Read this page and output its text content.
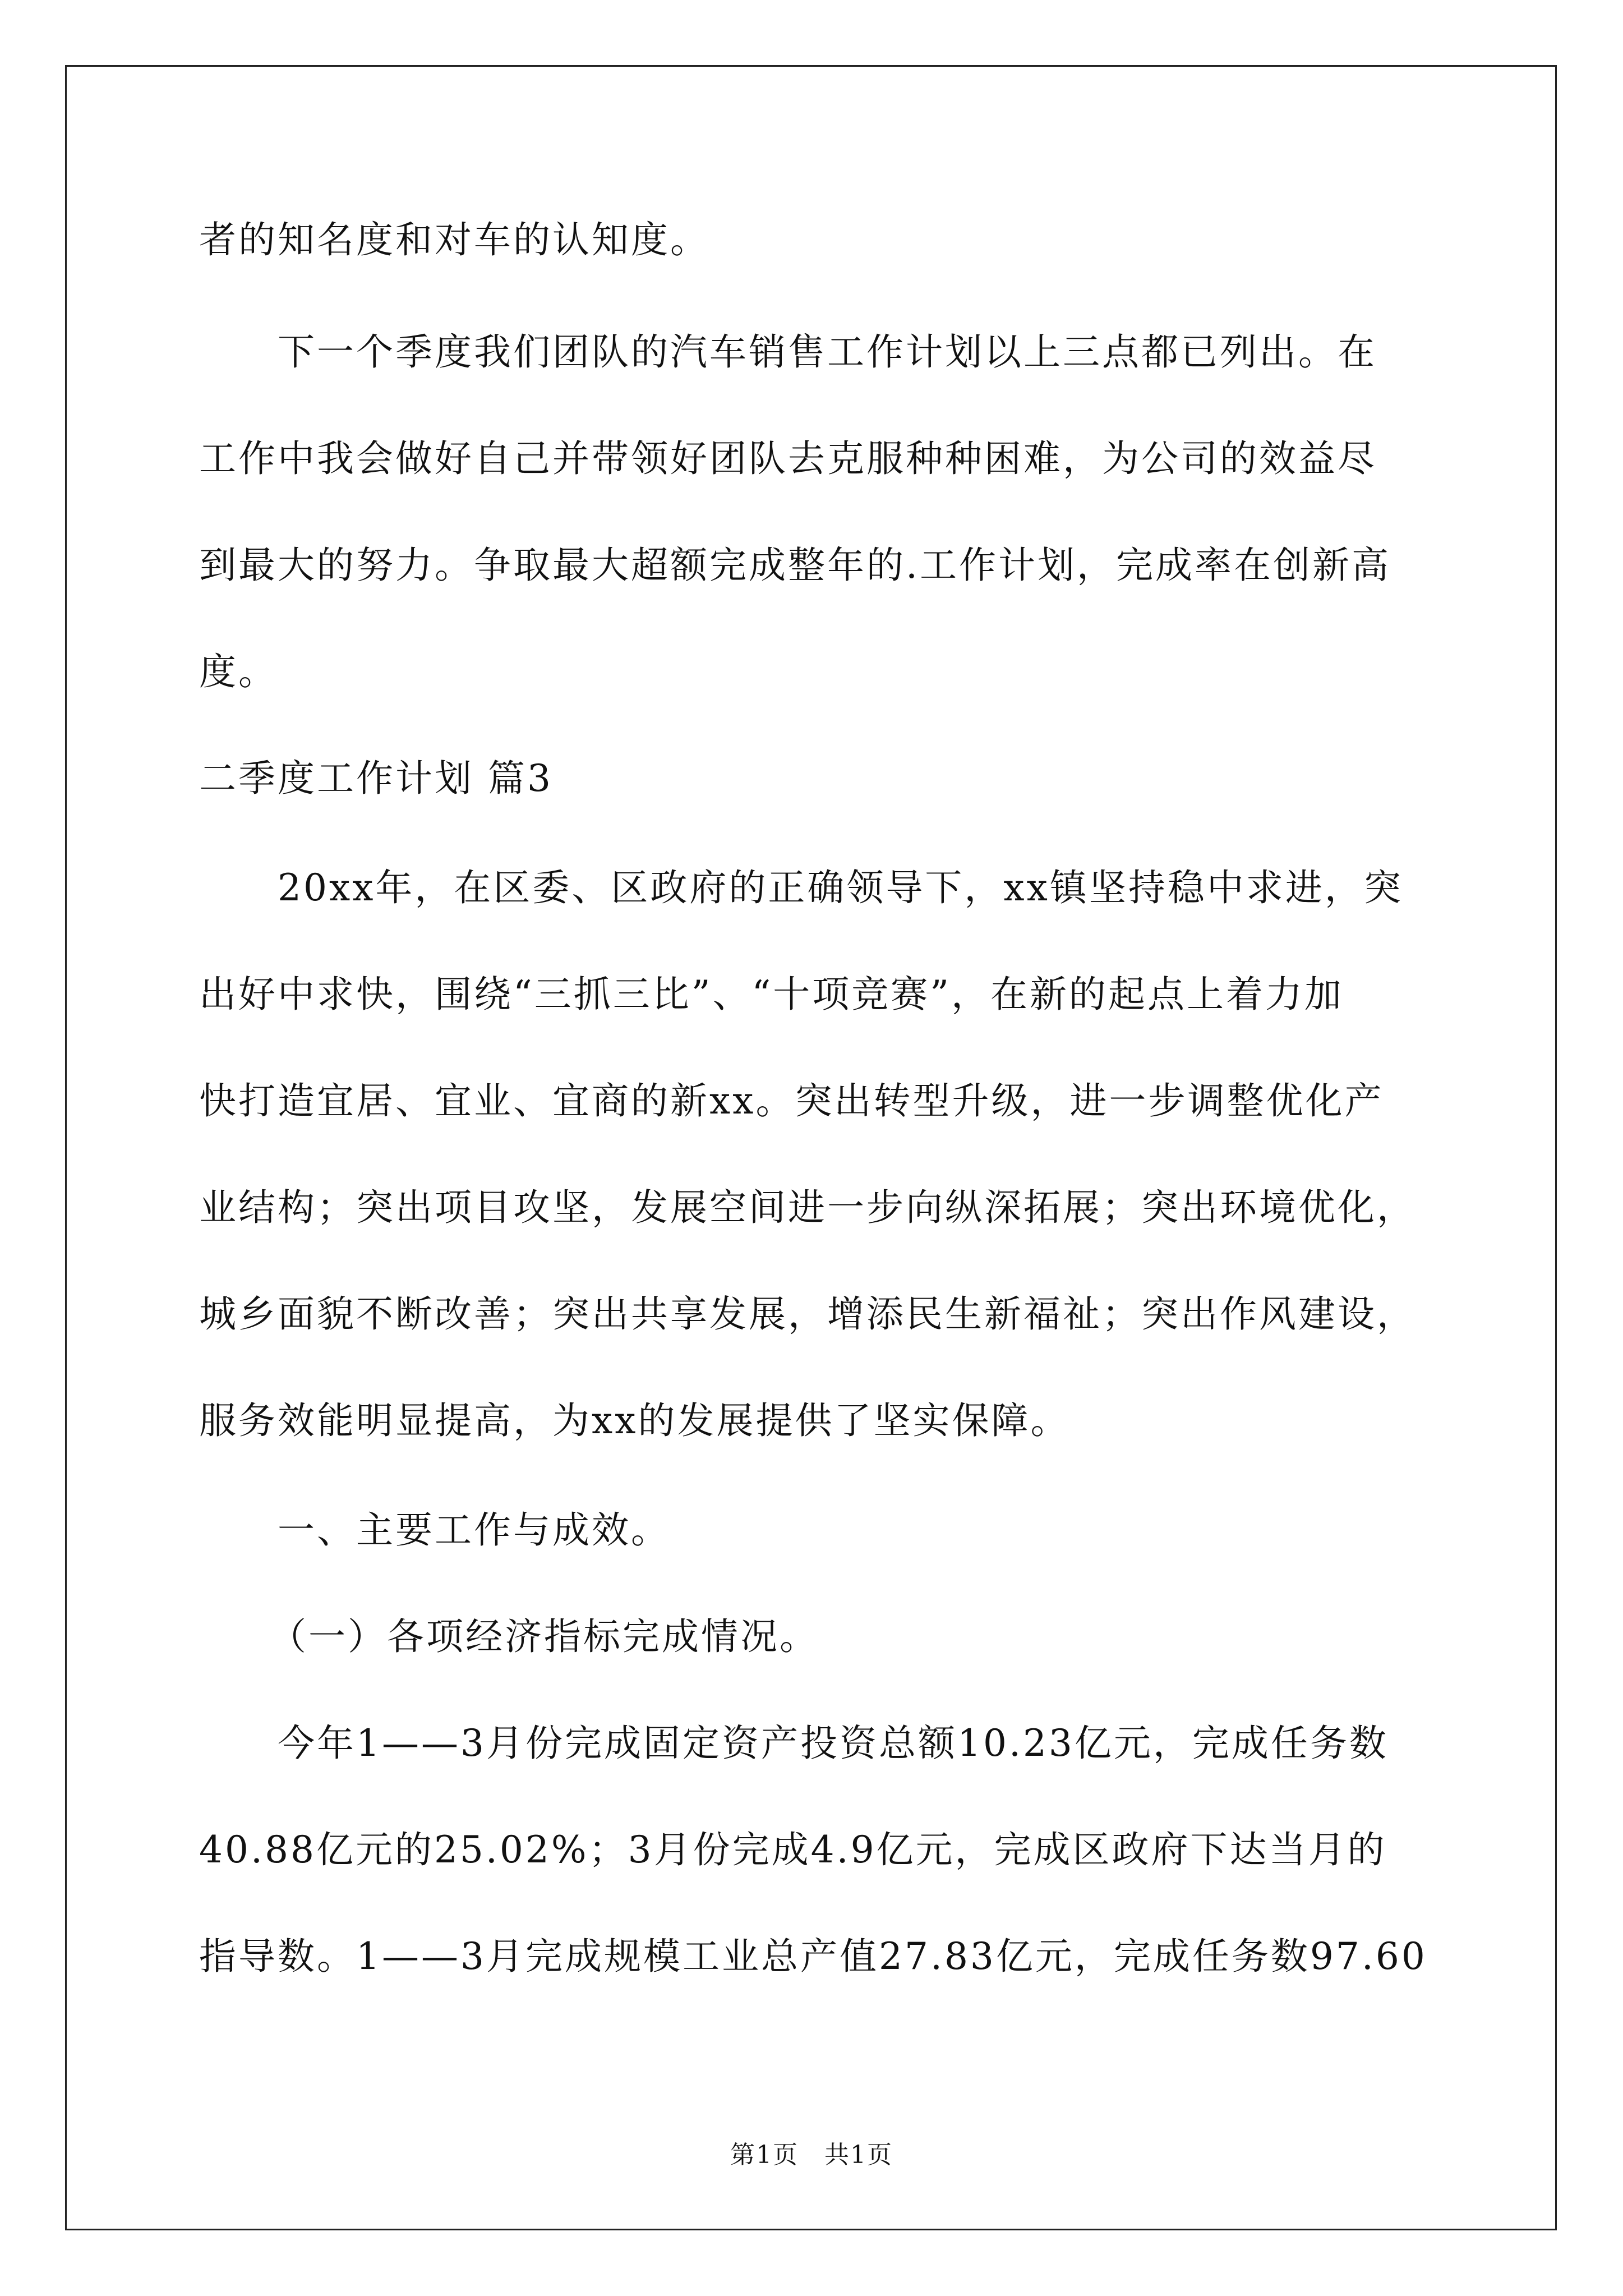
者的知名度和对车的认知度。
下一个季度我们团队的汽车销售工作计划以上三点都已列出。在
工作中我会做好自己并带领好团队去克服种种困难，为公司的效益尽
到最大的努力。争取最大超额完成整年的.工作计划，完成率在创新高
度。
二季度工作计划 篇3
20xx年，在区委、区政府的正确领导下，xx镇坚持稳中求进，突
出好中求快，围绕“三抓三比”、“十项竞赛”，在新的起点上着力加
快打造宜居、宜业、宜商的新xx。突出转型升级，进一步调整优化产
业结构；突出项目攻坚，发展空间进一步向纵深拓展；突出环境优化，
城乡面貌不断改善；突出共享发展，增添民生新福祉；突出作风建设，
服务效能明显提高，为xx的发展提供了坚实保障。
一、主要工作与成效。
（一）各项经济指标完成情况。
今年1——3月份完成固定资产投资总额10.23亿元，完成任务数
40.88亿元的25.02%；3月份完成4.9亿元，完成区政府下达当月的
指导数。1——3月完成规模工业总产值27.83亿元，完成任务数97.60
第1页　共1页
